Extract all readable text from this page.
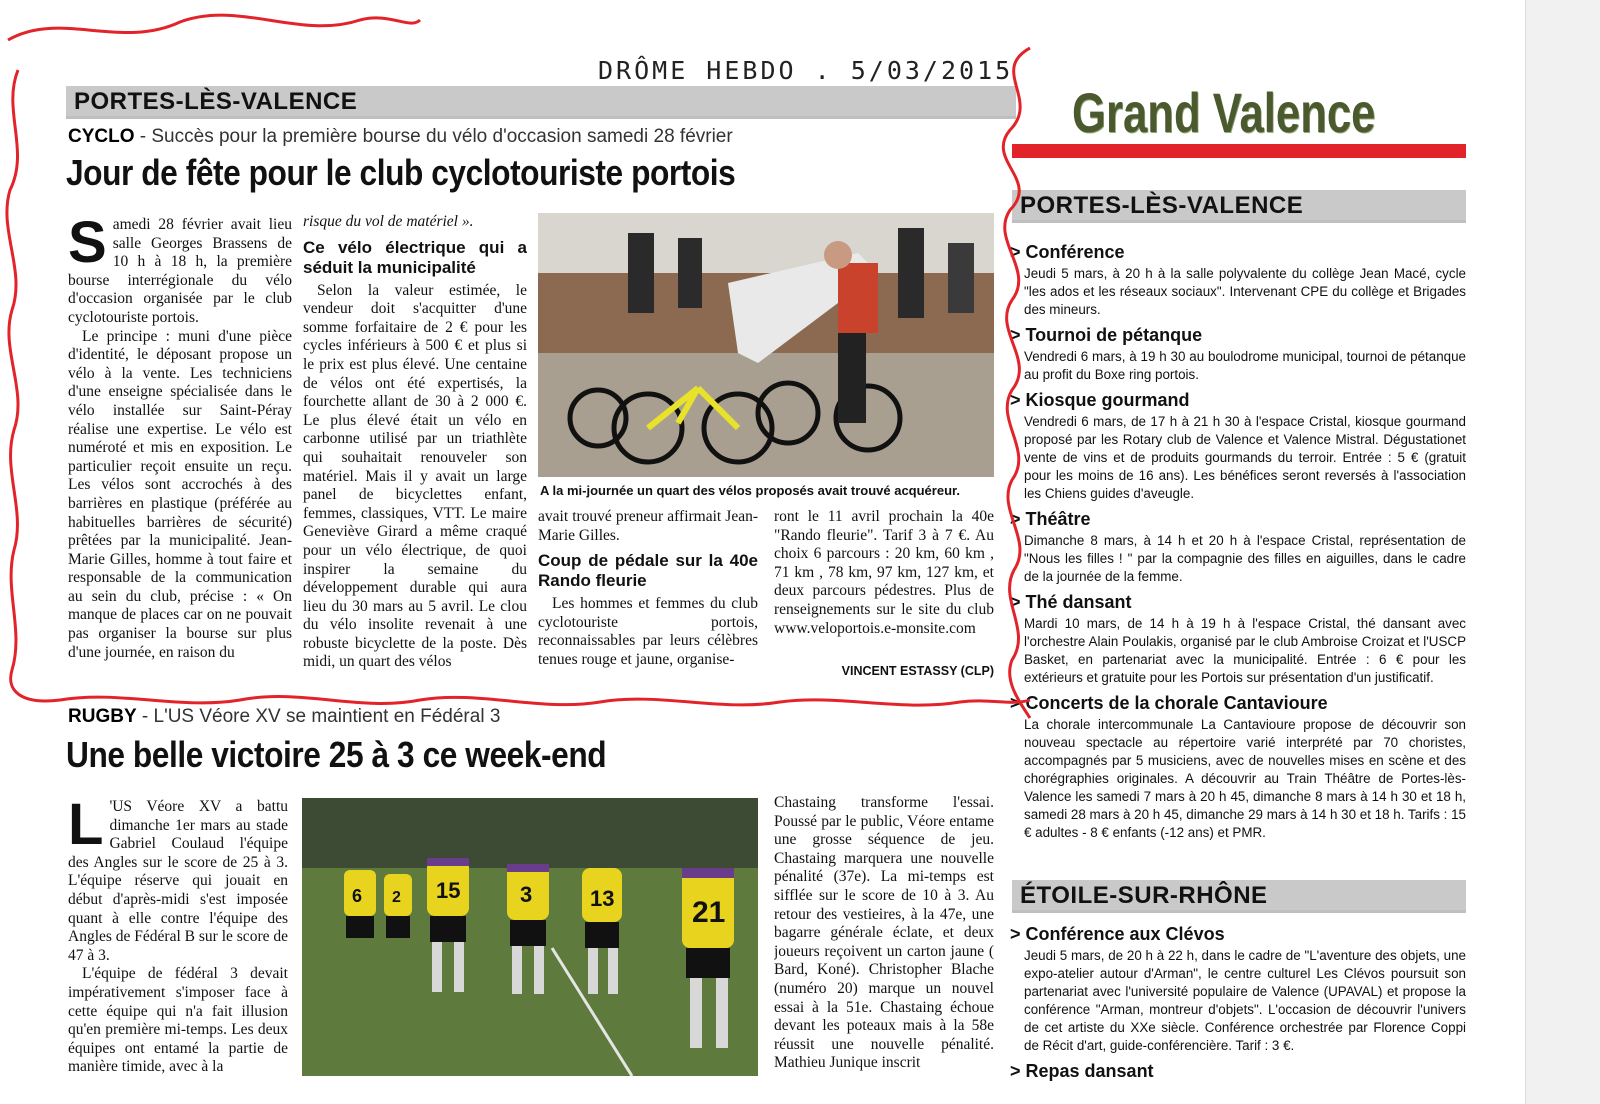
DRÔME HEBDO . 5/03/2015
PORTES-LÈS-VALENCE
CYCLO - Succès pour la première bourse du vélo d'occasion samedi 28 février
Jour de fête pour le club cyclotouriste portois
S amedi 28 février avait lieu salle Georges Brassens de 10 h à 18 h, la première bourse interrégionale du vélo d'occasion organisée par le club cyclotouriste portois.

Le principe : muni d'une pièce d'identité, le déposant propose un vélo à la vente. Les techniciens d'une enseigne spécialisée dans le vélo installée sur Saint-Péray réalise une expertise. Le vélo est numéroté et mis en exposition. Le particulier reçoit ensuite un reçu. Les vélos sont accrochés à des barrières en plastique (préférée au habituelles barrières de sécurité) prêtées par la municipalité. Jean-Marie Gilles, homme à tout faire et responsable de la communication au sein du club, précise : « On manque de places car on ne pouvait pas organiser la bourse sur plus d'une journée, en raison du

risque du vol de matériel ».

Ce vélo électrique qui a séduit la municipalité

Selon la valeur estimée, le vendeur doit s'acquitter d'une somme forfaitaire de 2 € pour les cycles inférieurs à 500 € et plus si le prix est plus élevé. Une centaine de vélos ont été expertisés, la fourchette allant de 30 à 2 000 €. Le plus élevé était un vélo en carbonne utilisé par un triathlète qui souhaitait renouveler son matériel. Mais il y avait un large panel de bicyclettes enfant, femmes, classiques, VTT. Le maire Geneviève Girard a même craqué pour un vélo électrique, de quoi inspirer la semaine du développement durable qui aura lieu du 30 mars au 5 avril. Le clou du vélo insolite revenait à une robuste bicyclette de la poste. Dès midi, un quart des vélos

A la mi-journée un quart des vélos proposés avait trouvé acquéreur.

avait trouvé preneur affirmait Jean-Marie Gilles.

Coup de pédale sur la 40e Rando fleurie

Les hommes et femmes du club cyclotouriste portois, reconnaissables par leurs célèbres tenues rouge et jaune, organise-

ront le 11 avril prochain la 40e "Rando fleurie". Tarif 3 à 7 €. Au choix 6 parcours : 20 km, 60 km , 71 km , 78 km, 97 km, 127 km, et deux parcours pédestres. Plus de renseignements sur le site du club www.veloportois.e-monsite.com

VINCENT ESTASSY (CLP)
RUGBY - L'US Véore XV se maintient en Fédéral 3
Une belle victoire 25 à 3 ce week-end
L 'US Véore XV a battu dimanche 1er mars au stade Gabriel Coulaud l'équipe des Angles sur le score de 25 à 3. L'équipe réserve qui jouait en début d'après-midi s'est imposée quant à elle contre l'équipe des Angles de Fédéral B sur le score de 47 à 3.

L'équipe de fédéral 3 devait impérativement s'imposer face à cette équipe qui n'a fait illusion qu'en première mi-temps. Les deux équipes ont entamé la partie de manière timide, avec à la

6 2 15	3	13	21

Chastaing transforme l'essai. Poussé par le public, Véore entame une grosse séquence de jeu. Chastaing marquera une nouvelle pénalité (37e). La mi-temps est sifflée sur le score de 10 à 3. Au retour des vestieires, à la 47e, une bagarre générale éclate, et deux joueurs reçoivent un carton jaune ( Bard, Koné). Christopher Blache (numéro 20) marque un nouvel essai à la 51e. Chastaing échoue devant les poteaux mais à la 58e réussit une nouvelle pénalité. Mathieu Junique inscrit

Grand Valence
PORTES-LÈS-VALENCE
> Conférence
Jeudi 5 mars, à 20 h à la salle polyvalente du collège Jean Macé, cycle "les ados et les réseaux sociaux". Intervenant CPE du collège et Brigades des mineurs.
> Tournoi de pétanque
Vendredi 6 mars, à 19 h 30 au boulodrome municipal, tournoi de pétanque au profit du Boxe ring portois.
> Kiosque gourmand
Vendredi 6 mars, de 17 h à 21 h 30 à l'espace Cristal, kiosque gourmand proposé par les Rotary club de Valence et Valence Mistral. Dégustationet vente de vins et de produits gourmands du terroir. Entrée : 5 € (gratuit pour les moins de 16 ans). Les bénéfices seront reversés à l'association les Chiens guides d'aveugle.
> Théâtre
Dimanche 8 mars, à 14 h et 20 h à l'espace Cristal, représentation de "Nous les filles ! " par la compagnie des filles en aiguilles, dans le cadre de la journée de la femme.
> Thé dansant
Mardi 10 mars, de 14 h à 19 h à l'espace Cristal, thé dansant avec l'orchestre Alain Poulakis, organisé par le club Ambroise Croizat et l'USCP Basket, en partenariat avec la municipalité. Entrée : 6 € pour les extérieurs et gratuite pour les Portois sur présentation d'un justificatif.
> Concerts de la chorale Cantavioure
La chorale intercommunale La Cantavioure propose de découvrir son nouveau spectacle au répertoire varié interprété par 70 choristes, accompagnés par 5 musiciens, avec de nouvelles mises en scène et des chorégraphies originales. A découvrir au Train Théâtre de Portes-lès-Valence les samedi 7 mars à 20 h 45, dimanche 8 mars à 14 h 30 et 18 h, samedi 28 mars à 20 h 45, dimanche 29 mars à 14 h 30 et 18 h. Tarifs : 15 € adultes - 8 € enfants (-12 ans) et PMR.
ÉTOILE-SUR-RHÔNE
> Conférence aux Clévos
Jeudi 5 mars, de 20 h à 22 h, dans le cadre de "L'aventure des objets, une expo-atelier autour d'Arman", le centre culturel Les Clévos poursuit son partenariat avec l'université populaire de Valence (UPAVAL) et propose la conférence "Arman, montreur d'objets". L'occasion de découvrir l'univers de cet artiste du XXe siècle. Conférence orchestrée par Florence Coppi de Récit d'art, guide-conférencière. Tarif : 3 €.
> Repas dansant
